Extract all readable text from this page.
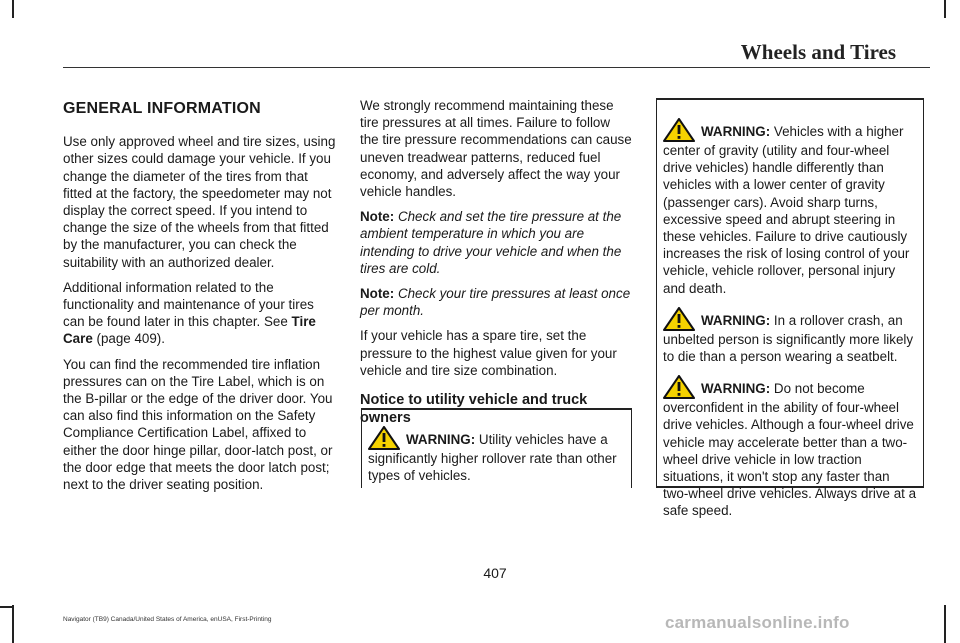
Wheels and Tires
GENERAL INFORMATION

Use only approved wheel and tire sizes, using other sizes could damage your vehicle. If you change the diameter of the tires from that fitted at the factory, the speedometer may not display the correct speed. If you intend to change the size of the wheels from that fitted by the manufacturer, you can check the suitability with an authorized dealer.

Additional information related to the functionality and maintenance of your tires can be found later in this chapter. See Tire Care (page 409).

You can find the recommended tire inflation pressures can on the Tire Label, which is on the B-pillar or the edge of the driver door. You can also find this information on the Safety Compliance Certification Label, affixed to either the door hinge pillar, door-latch post, or the door edge that meets the door latch post; next to the driver seating position.

We strongly recommend maintaining these tire pressures at all times. Failure to follow the tire pressure recommendations can cause uneven treadwear patterns, reduced fuel economy, and adversely affect the way your vehicle handles.

Note: Check and set the tire pressure at the ambient temperature in which you are intending to drive your vehicle and when the tires are cold.

Note: Check your tire pressures at least once per month.

If your vehicle has a spare tire, set the pressure to the highest value given for your vehicle and tire size combination.

Notice to utility vehicle and truck owners
WARNING: Utility vehicles have a significantly higher rollover rate than other types of vehicles.
WARNING: Vehicles with a higher center of gravity (utility and four-wheel drive vehicles) handle differently than vehicles with a lower center of gravity (passenger cars). Avoid sharp turns, excessive speed and abrupt steering in these vehicles. Failure to drive cautiously increases the risk of losing control of your vehicle, vehicle rollover, personal injury and death.
WARNING: In a rollover crash, an unbelted person is significantly more likely to die than a person wearing a seatbelt.
WARNING: Do not become overconfident in the ability of four-wheel drive vehicles. Although a four-wheel drive vehicle may accelerate better than a two-wheel drive vehicle in low traction situations, it won't stop any faster than two-wheel drive vehicles. Always drive at a safe speed.
407
Navigator (TB9) Canada/United States of America, enUSA, First-Printing	carmanualsonline.info
